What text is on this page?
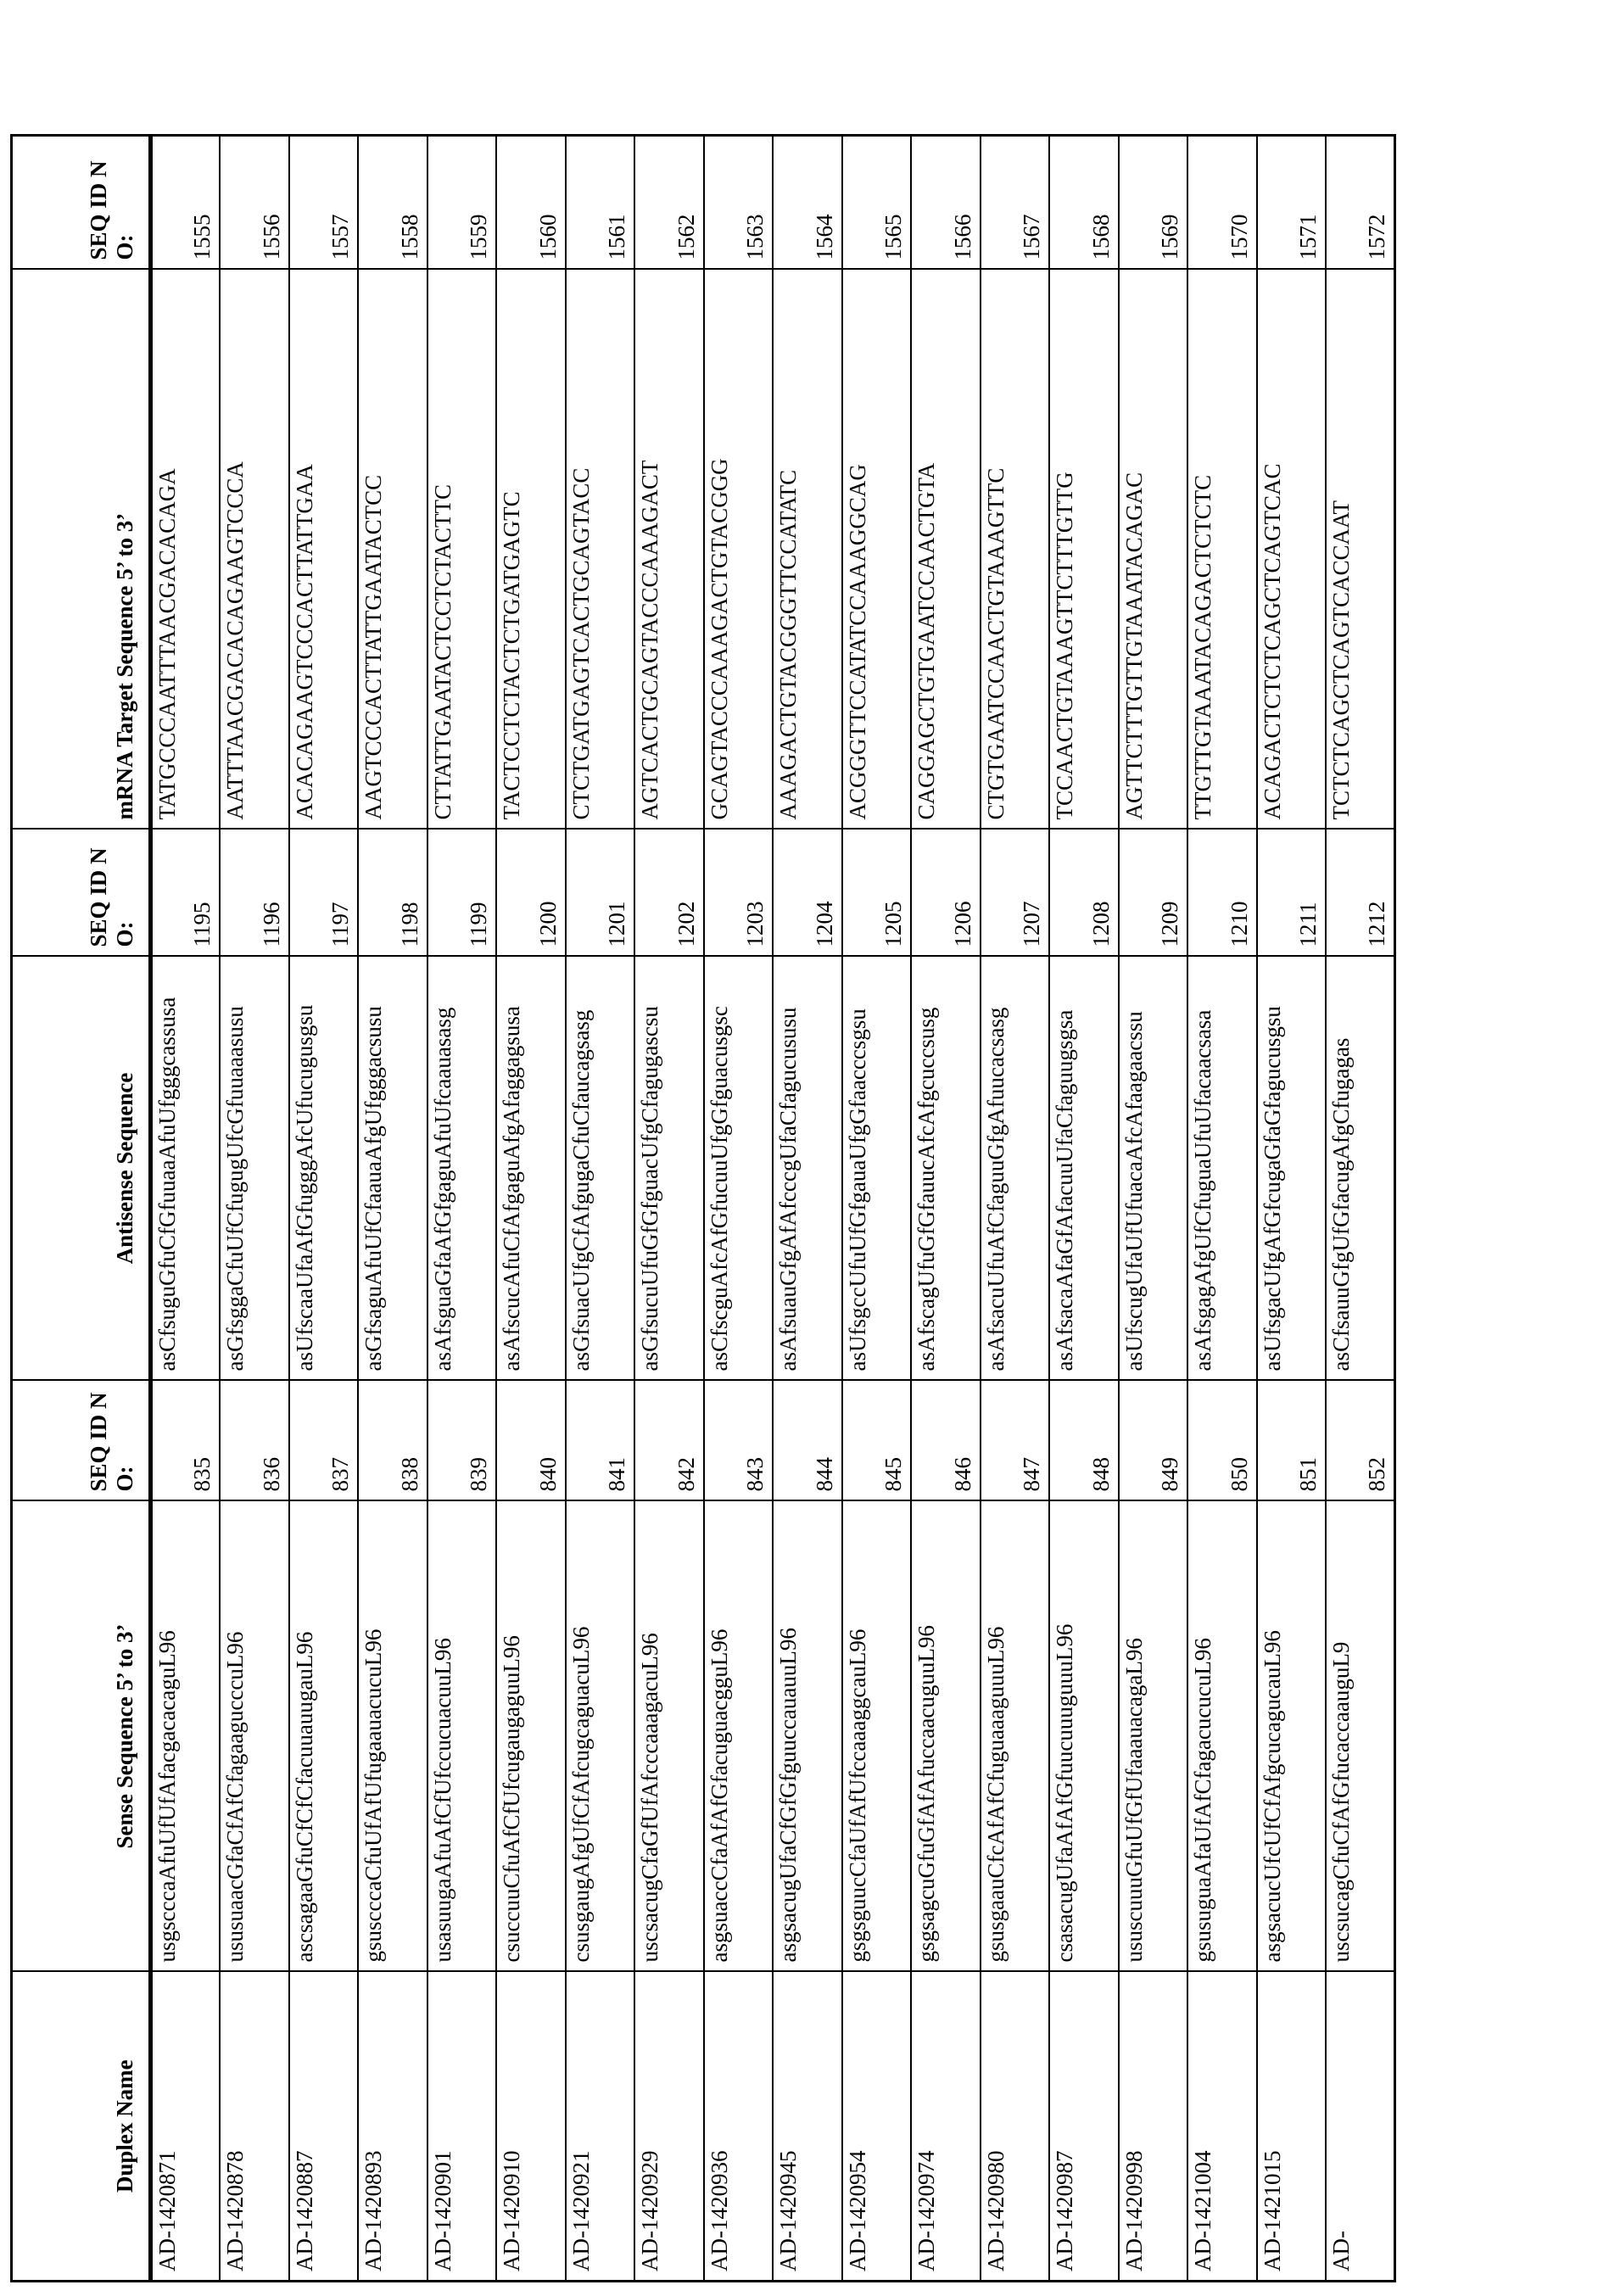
Duplex Name	Sense Sequence 5’ to 3’	SEQ ID NO:	Antisense Sequence	SEQ ID NO:	mRNA Target Sequence 5’ to 3’	SEQ ID NO:
AD-1420871	usgscccaAfuUfUfAfacgacacaguL96	835	asCfsuguGfuCfGfuuaaAfuUfgggcassusa	1195	TATGCCCAATTTAACGACACAGA	1555
AD-1420878	ususuaacGfaCfAfCfagaagucccuL96	836	asGfsggaCfuUfCfugugUfcGfuuaaasusu	1196	AATTTAACGACACAGAAGTCCCA	1556
AD-1420887	ascsagaaGfuCfCfCfacuuauugauL96	837	asUfscaaUfaAfGfugggAfcUfucugusgsu	1197	ACACAGAAGTCCCACTTATTGAA	1557
AD-1420893	gsuscccaCfuUfAfUfugaauacucuL96	838	asGfsaguAfuUfCfaauaAfgUfgggacsusu	1198	AAGTCCCACTTATTGAATACTCC	1558
AD-1420901	usasuugaAfuAfCfUfccucuacuuL96	839	asAfsguaGfaAfGfgaguAfuUfcaauasasg	1199	CTTATTGAATACTCCTCTACTTC	1559
AD-1420910	csuccuuCfuAfCfUfcugaugaguuL96	840	asAfscucAfuCfAfgaguAfgAfaggagsusa	1200	TACTCCTCTACTCTGATGAGTC	1560
AD-1420921	csusgaugAfgUfCfAfcugcaguacuL96	841	asGfsuacUfgCfAfgugaCfuCfaucagsasg	1201	CTCTGATGAGTCACTGCAGTACC	1561
AD-1420929	uscsacugCfaGfUfAfcccaaagacuL96	842	asGfsucuUfuGfGfguacUfgCfagugascsu	1202	AGTCACTGCAGTACCCAAAGACT	1562
AD-1420936	asgsuaccCfaAfAfGfacuguacgguL96	843	asCfscguAfcAfGfucuuUfgGfguacusgsc	1203	GCAGTACCCAAAGACTGTACGGG	1563
AD-1420945	asgsacugUfaCfGfGfguuccauauuL96	844	asAfsuauGfgAfAfcccgUfaCfagucususu	1204	AAAGACTGTACGGGTTCCATATC	1564
AD-1420954	gsgsguucCfaUfAfUfccaaaggcauL96	845	asUfsgccUfuUfGfgauaUfgGfaacccsgsu	1205	ACGGGTTCCATATCCAAAGGCAG	1565
AD-1420974	gsgsagcuGfuGfAfAfuccaacuguuL96	846	asAfscagUfuGfGfauucAfcAfgcuccsusg	1206	CAGGAGCTGTGAATCCAACTGTA	1566
AD-1420980	gsusgaauCfcAfAfCfuguaaaguuuL96	847	asAfsacuUfuAfCfaguuGfgAfuucacsasg	1207	CTGTGAATCCAACTGTAAAGTTC	1567
AD-1420987	csasacugUfaAfAfGfuucuuuguuuL96	848	asAfsacaAfaGfAfacuuUfaCfaguugsgsa	1208	TCCAACTGTAAAGTTCTTTGTTG	1568
AD-1420998	ususcuuuGfuUfGfUfaaauacagaL96	849	asUfscugUfaUfUfuacaAfcAfaagaacssu	1209	AGTTCTTTGTTGTAAATACAGAC	1569
AD-1421004	gsusuguaAfaUfAfCfagacucucuL96	850	asAfsgagAfgUfCfuguaUfuUfacaacsasa	1210	TTGTTGTAAATACAGACTCTCTC	1570
AD-1421015	asgsacucUfcUfCfAfgcucagucauL96	851	asUfsgacUfgAfGfcugaGfaGfagucusgsu	1211	ACAGACTCTCTCAGCTCAGTCAC	1571
AD-	uscsucagCfuCfAfGfucaccaauguL9	852	asCfsauuGfgUfGfacugAfgCfugagas	1212	TCTCTCAGCTCAGTCACCAAT	1572
